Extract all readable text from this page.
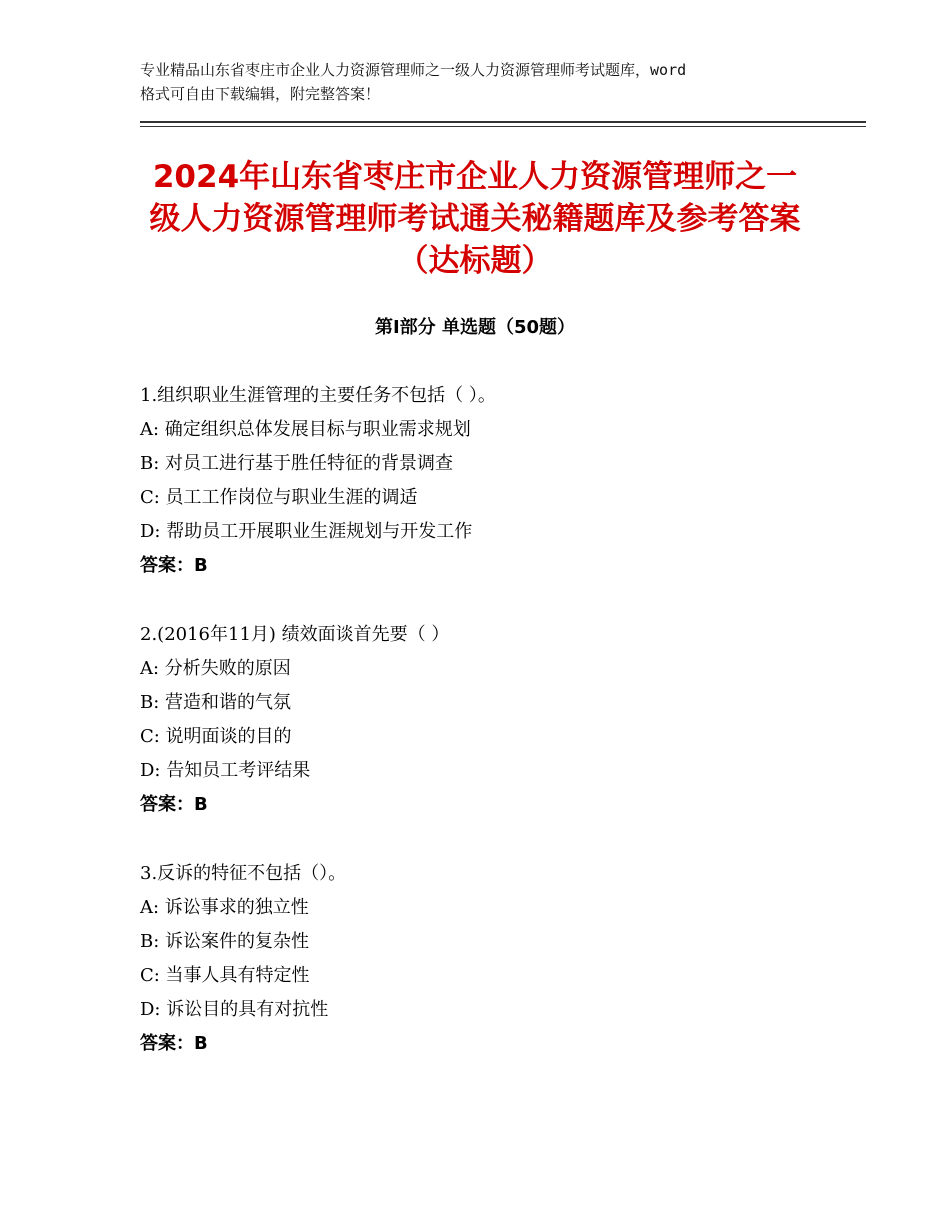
专业精品山东省枣庄市企业人力资源管理师之一级人力资源管理师考试题库，word
格式可自由下载编辑，附完整答案！
2024年山东省枣庄市企业人力资源管理师之一级人力资源管理师考试通关秘籍题库及参考答案（达标题）
第Ⅰ部分 单选题（50题）
1.组织职业生涯管理的主要任务不包括（ ）。
A: 确定组织总体发展目标与职业需求规划
B: 对员工进行基于胜任特征的背景调查
C: 员工工作岗位与职业生涯的调适
D: 帮助员工开展职业生涯规划与开发工作
答案：B
2.(2016年11月) 绩效面谈首先要（ ）
A: 分析失败的原因
B: 营造和谐的气氛
C: 说明面谈的目的
D: 告知员工考评结果
答案：B
3.反诉的特征不包括（）。
A: 诉讼事求的独立性
B: 诉讼案件的复杂性
C: 当事人具有特定性
D: 诉讼目的具有对抗性
答案：B
